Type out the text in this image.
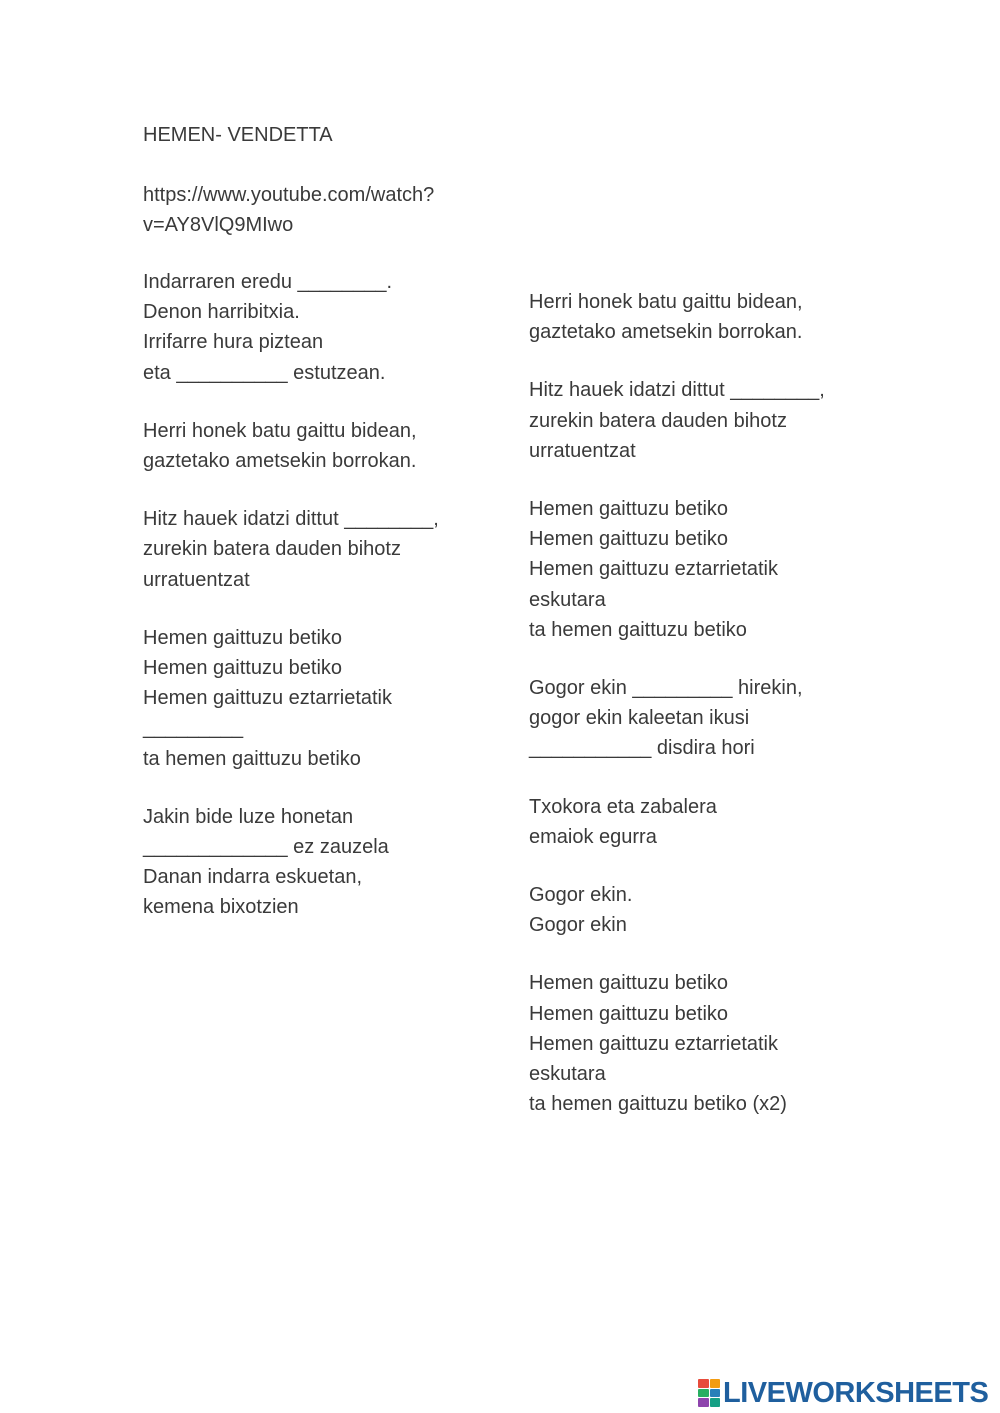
HEMEN- VENDETTA
https://www.youtube.com/watch?
v=AY8VlQ9MIwo
Indarraren eredu ________.
Denon harribitxia.
Irrifarre hura piztean
eta __________ estutzean.
Herri honek batu gaittu bidean,
gaztetako ametsekin borrokan.
Hitz hauek idatzi dittut ________,
zurekin batera dauden bihotz
urratuentzat
Hemen gaittuzu betiko
Hemen gaittuzu betiko
Hemen gaittuzu eztarrietatik
_________
ta hemen gaittuzu betiko
Jakin bide luze honetan
_____________ ez zauzela
Danan indarra eskuetan,
kemena bixotzien
Herri honek batu gaittu bidean,
gaztetako ametsekin borrokan.
Hitz hauek idatzi dittut ________,
zurekin batera dauden bihotz
urratuentzat
Hemen gaittuzu betiko
Hemen gaittuzu betiko
Hemen gaittuzu eztarrietatik
eskutara
ta hemen gaittuzu betiko
Gogor ekin _________ hirekin,
gogor ekin kaleetan ikusi
___________ disdira hori
Txokora eta zabalera
emaiok egurra
Gogor ekin.
Gogor ekin
Hemen gaittuzu betiko
Hemen gaittuzu betiko
Hemen gaittuzu eztarrietatik
eskutara
ta hemen gaittuzu betiko (x2)
LIVEWORKSHEETS
